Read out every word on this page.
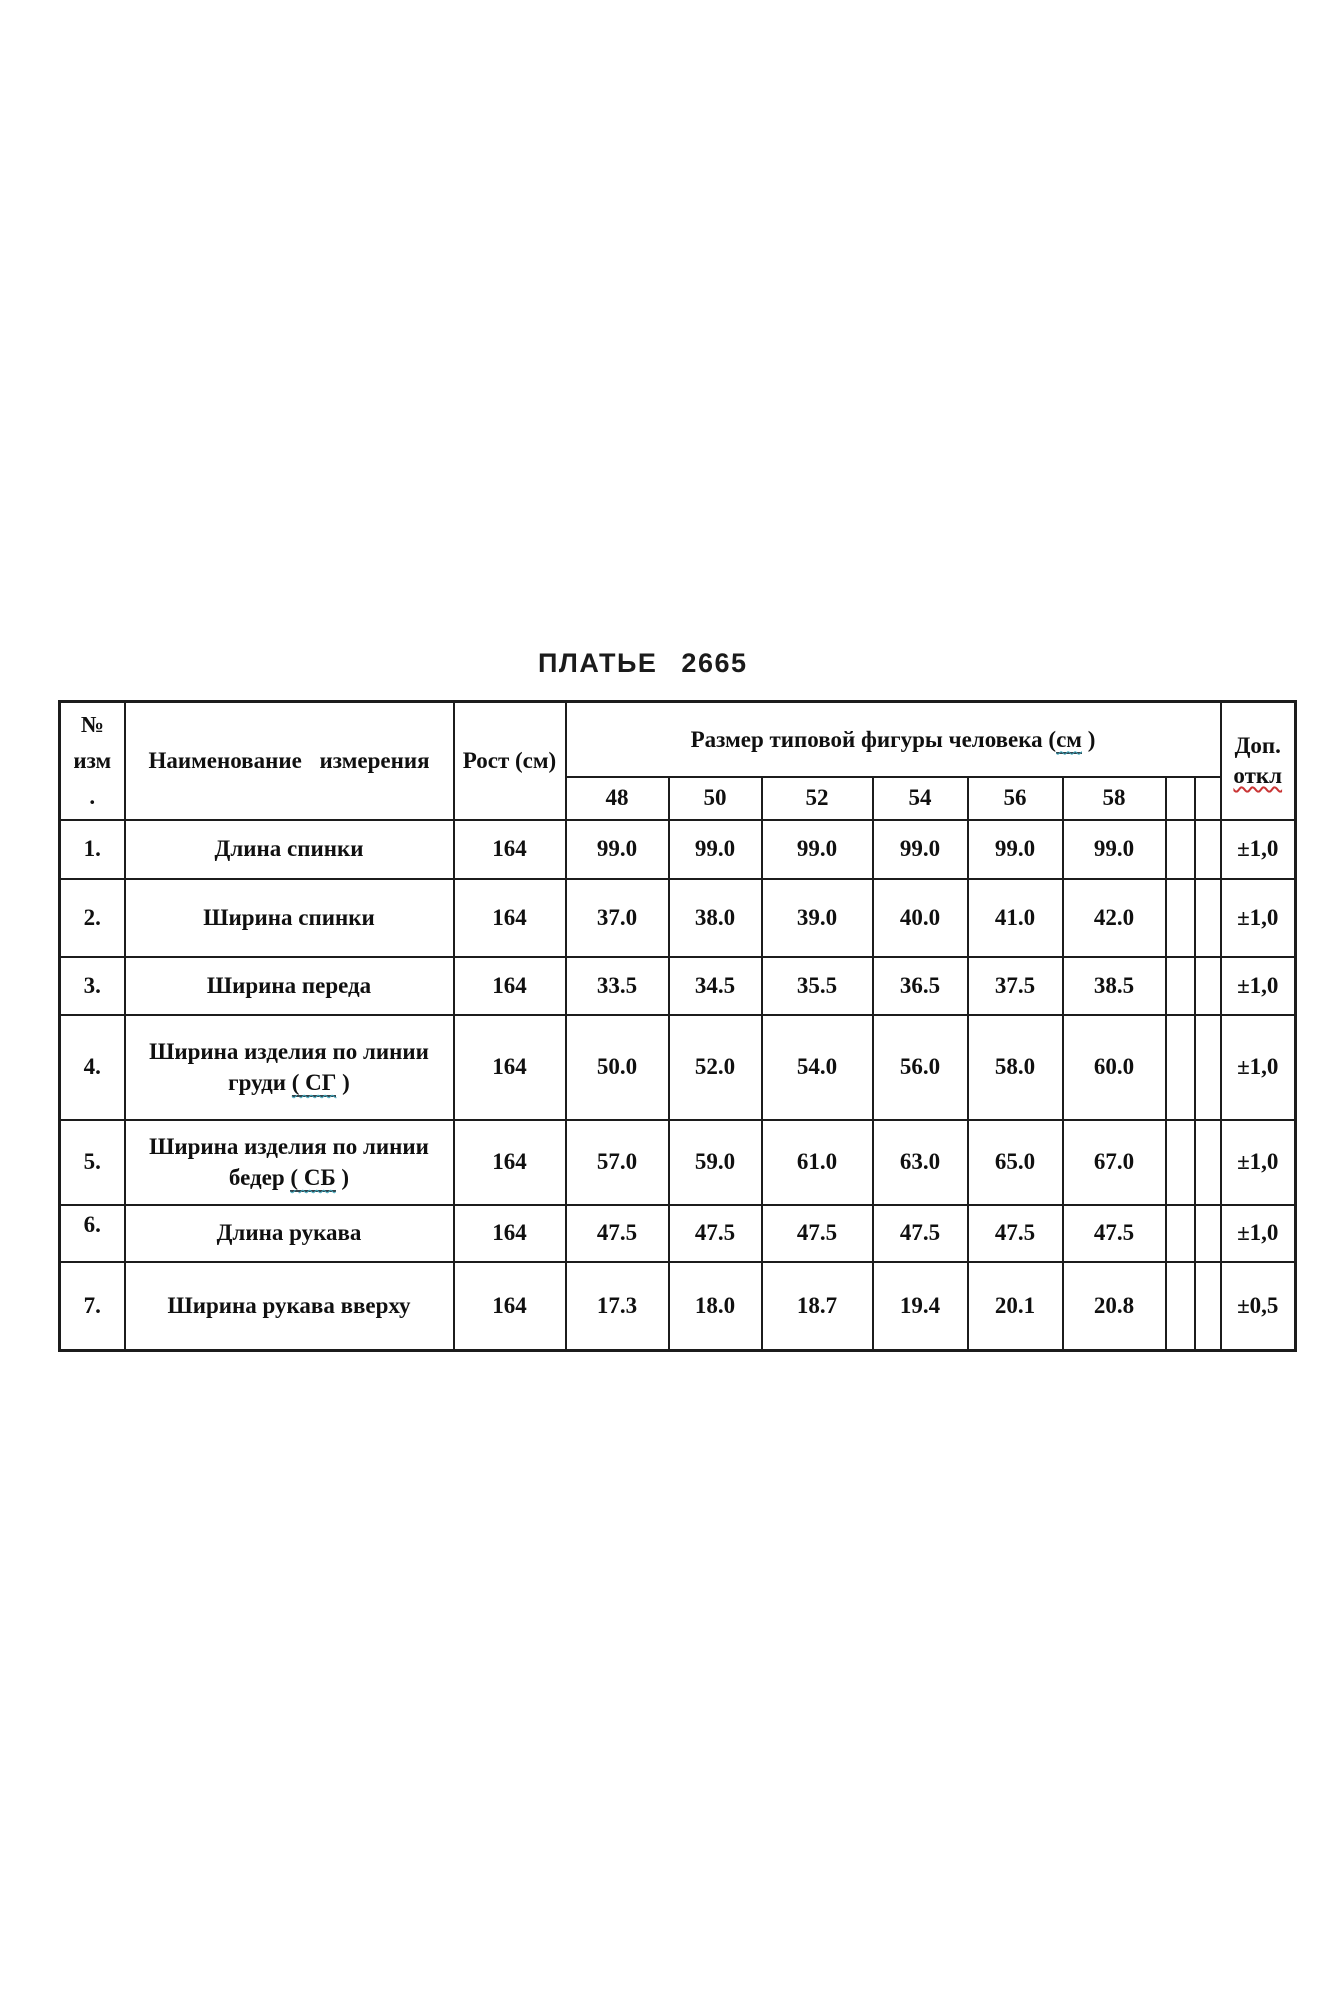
ПЛАТЬЕ 2665
№
изм
.
	Наименование измерения	Рост (см)	Размер типовой фигуры человека (см )	Доп.
откл

			48	50	52	54	56	58			
1.	Длина спинки	164	99.0	99.0	99.0	99.0	99.0	99.0			±1,0
2.	Ширина спинки	164	37.0	38.0	39.0	40.0	41.0	42.0			±1,0
3.	Ширина переда	164	33.5	34.5	35.5	36.5	37.5	38.5			±1,0
4.	Ширина изделия по линии груди ( СГ )	164	50.0	52.0	54.0	56.0	58.0	60.0			±1,0
5.	Ширина изделия по линии бедер ( СБ )	164	57.0	59.0	61.0	63.0	65.0	67.0			±1,0
6.	Длина рукава	164	47.5	47.5	47.5	47.5	47.5	47.5			±1,0
7.	Ширина рукава вверху	164	17.3	18.0	18.7	19.4	20.1	20.8			±0,5
